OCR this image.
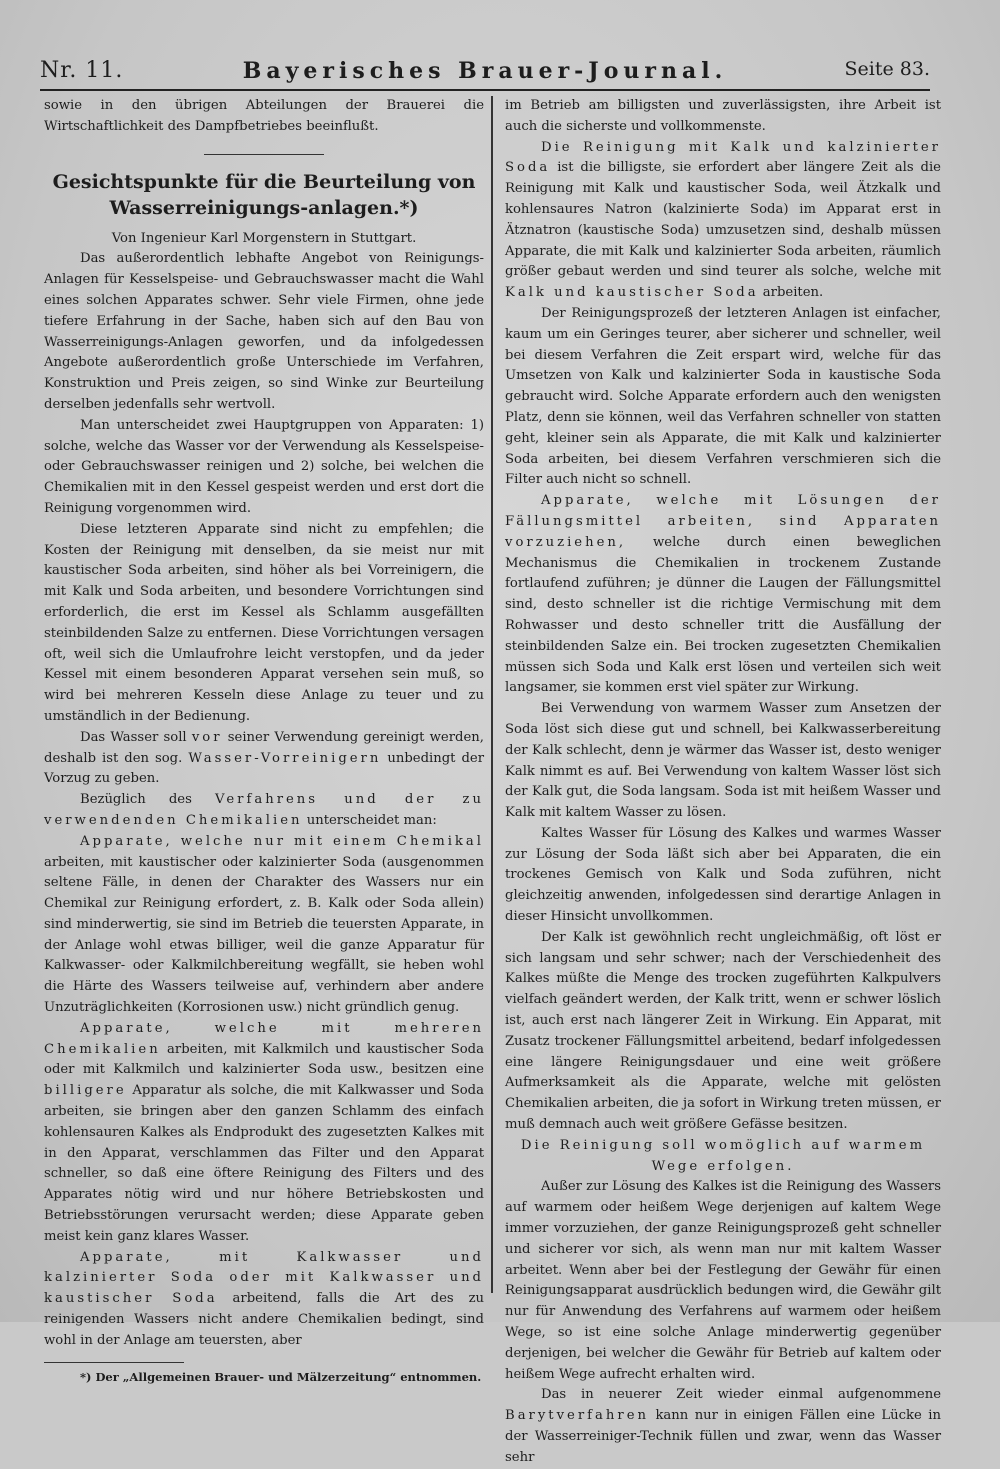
Nr. 11.	Bayerisches Brauer-Journal.	Seite 83.

sowie in den übrigen Abteilungen der Brauerei die Wirtschaftlichkeit des Dampfbetriebes beeinflußt.

Gesichtspunkte für die Beurteilung von Wasserreinigungs-anlagen.*)

Von Ingenieur Karl Morgenstern in Stuttgart.

Das außerordentlich lebhafte Angebot von Reinigungs-Anlagen für Kesselspeise- und Gebrauchswasser macht die Wahl eines solchen Apparates schwer. Sehr viele Firmen, ohne jede tiefere Erfahrung in der Sache, haben sich auf den Bau von Wasserreinigungs-Anlagen geworfen, und da infolgedessen Angebote außerordentlich große Unterschiede im Verfahren, Konstruktion und Preis zeigen, so sind Winke zur Beurteilung derselben jedenfalls sehr wertvoll.

Man unterscheidet zwei Hauptgruppen von Apparaten: 1) solche, welche das Wasser vor der Verwendung als Kesselspeise- oder Gebrauchswasser reinigen und 2) solche, bei welchen die Chemikalien mit in den Kessel gespeist werden und erst dort die Reinigung vorgenommen wird.

Diese letzteren Apparate sind nicht zu empfehlen; die Kosten der Reinigung mit denselben, da sie meist nur mit kaustischer Soda arbeiten, sind höher als bei Vorreinigern, die mit Kalk und Soda arbeiten, und besondere Vorrichtungen sind erforderlich, die erst im Kessel als Schlamm ausgefällten steinbildenden Salze zu entfernen. Diese Vorrichtungen versagen oft, weil sich die Umlaufrohre leicht verstopfen, und da jeder Kessel mit einem besonderen Apparat versehen sein muß, so wird bei mehreren Kesseln diese Anlage zu teuer und zu umständlich in der Bedienung.

Das Wasser soll vor seiner Verwendung gereinigt werden, deshalb ist den sog. Wasser-Vorreinigern unbedingt der Vorzug zu geben.

Bezüglich des Verfahrens und der zu verwendenden Chemikalien unterscheidet man:

Apparate, welche nur mit einem Chemikal arbeiten, mit kaustischer oder kalzinierter Soda (ausgenommen seltene Fälle, in denen der Charakter des Wassers nur ein Chemikal zur Reinigung erfordert, z. B. Kalk oder Soda allein) sind minderwertig, sie sind im Betrieb die teuersten Apparate, in der Anlage wohl etwas billiger, weil die ganze Apparatur für Kalkwasser- oder Kalkmilchbereitung wegfällt, sie heben wohl die Härte des Wassers teilweise auf, verhindern aber andere Unzuträglichkeiten (Korrosionen usw.) nicht gründlich genug.

Apparate, welche mit mehreren Chemikalien arbeiten, mit Kalkmilch und kaustischer Soda oder mit Kalkmilch und kalzinierter Soda usw., besitzen eine billigere Apparatur als solche, die mit Kalkwasser und Soda arbeiten, sie bringen aber den ganzen Schlamm des einfach kohlensauren Kalkes als Endprodukt des zugesetzten Kalkes mit in den Apparat, verschlammen das Filter und den Apparat schneller, so daß eine öftere Reinigung des Filters und des Apparates nötig wird und nur höhere Betriebskosten und Betriebsstörungen verursacht werden; diese Apparate geben meist kein ganz klares Wasser.

Apparate, mit Kalkwasser und kalzinierter Soda oder mit Kalkwasser und kaustischer Soda arbeitend, falls die Art des zu reinigenden Wassers nicht andere Chemikalien bedingt, sind wohl in der Anlage am teuersten, aber

*) Der „Allgemeinen Brauer- und Mälzerzeitung“ entnommen.

im Betrieb am billigsten und zuverlässigsten, ihre Arbeit ist auch die sicherste und vollkommenste.

Die Reinigung mit Kalk und kalzinierter Soda ist die billigste, sie erfordert aber längere Zeit als die Reinigung mit Kalk und kaustischer Soda, weil Ätzkalk und kohlensaures Natron (kalzinierte Soda) im Apparat erst in Ätznatron (kaustische Soda) umzusetzen sind, deshalb müssen Apparate, die mit Kalk und kalzinierter Soda arbeiten, räumlich größer gebaut werden und sind teurer als solche, welche mit Kalk und kaustischer Soda arbeiten.

Der Reinigungsprozeß der letzteren Anlagen ist einfacher, kaum um ein Geringes teurer, aber sicherer und schneller, weil bei diesem Verfahren die Zeit erspart wird, welche für das Umsetzen von Kalk und kalzinierter Soda in kaustische Soda gebraucht wird. Solche Apparate erfordern auch den wenigsten Platz, denn sie können, weil das Verfahren schneller von statten geht, kleiner sein als Apparate, die mit Kalk und kalzinierter Soda arbeiten, bei diesem Verfahren verschmieren sich die Filter auch nicht so schnell.

Apparate, welche mit Lösungen der Fällungsmittel arbeiten, sind Apparaten vorzuziehen, welche durch einen beweglichen Mechanismus die Chemikalien in trockenem Zustande fortlaufend zuführen; je dünner die Laugen der Fällungsmittel sind, desto schneller ist die richtige Vermischung mit dem Rohwasser und desto schneller tritt die Ausfällung der steinbildenden Salze ein. Bei trocken zugesetzten Chemikalien müssen sich Soda und Kalk erst lösen und verteilen sich weit langsamer, sie kommen erst viel später zur Wirkung.

Bei Verwendung von warmem Wasser zum Ansetzen der Soda löst sich diese gut und schnell, bei Kalkwasserbereitung der Kalk schlecht, denn je wärmer das Wasser ist, desto weniger Kalk nimmt es auf. Bei Verwendung von kaltem Wasser löst sich der Kalk gut, die Soda langsam. Soda ist mit heißem Wasser und Kalk mit kaltem Wasser zu lösen.

Kaltes Wasser für Lösung des Kalkes und warmes Wasser zur Lösung der Soda läßt sich aber bei Apparaten, die ein trockenes Gemisch von Kalk und Soda zuführen, nicht gleichzeitig anwenden, infolgedessen sind derartige Anlagen in dieser Hinsicht unvollkommen.

Der Kalk ist gewöhnlich recht ungleichmäßig, oft löst er sich langsam und sehr schwer; nach der Verschiedenheit des Kalkes müßte die Menge des trocken zugeführten Kalkpulvers vielfach geändert werden, der Kalk tritt, wenn er schwer löslich ist, auch erst nach längerer Zeit in Wirkung. Ein Apparat, mit Zusatz trockener Fällungsmittel arbeitend, bedarf infolgedessen eine längere Reinigungsdauer und eine weit größere Aufmerksamkeit als die Apparate, welche mit gelösten Chemikalien arbeiten, die ja sofort in Wirkung treten müssen, er muß demnach auch weit größere Gefässe besitzen.

Die Reinigung soll womöglich auf warmem Wege erfolgen.

Außer zur Lösung des Kalkes ist die Reinigung des Wassers auf warmem oder heißem Wege derjenigen auf kaltem Wege immer vorzuziehen, der ganze Reinigungsprozeß geht schneller und sicherer vor sich, als wenn man nur mit kaltem Wasser arbeitet. Wenn aber bei der Festlegung der Gewähr für einen Reinigungsapparat ausdrücklich bedungen wird, die Gewähr gilt nur für Anwendung des Verfahrens auf warmem oder heißem Wege, so ist eine solche Anlage minderwertig gegenüber derjenigen, bei welcher die Gewähr für Betrieb auf kaltem oder heißem Wege aufrecht erhalten wird.

Das in neuerer Zeit wieder einmal aufgenommene Barytverfahren kann nur in einigen Fällen eine Lücke in der Wasserreiniger-Technik füllen und zwar, wenn das Wasser sehr
